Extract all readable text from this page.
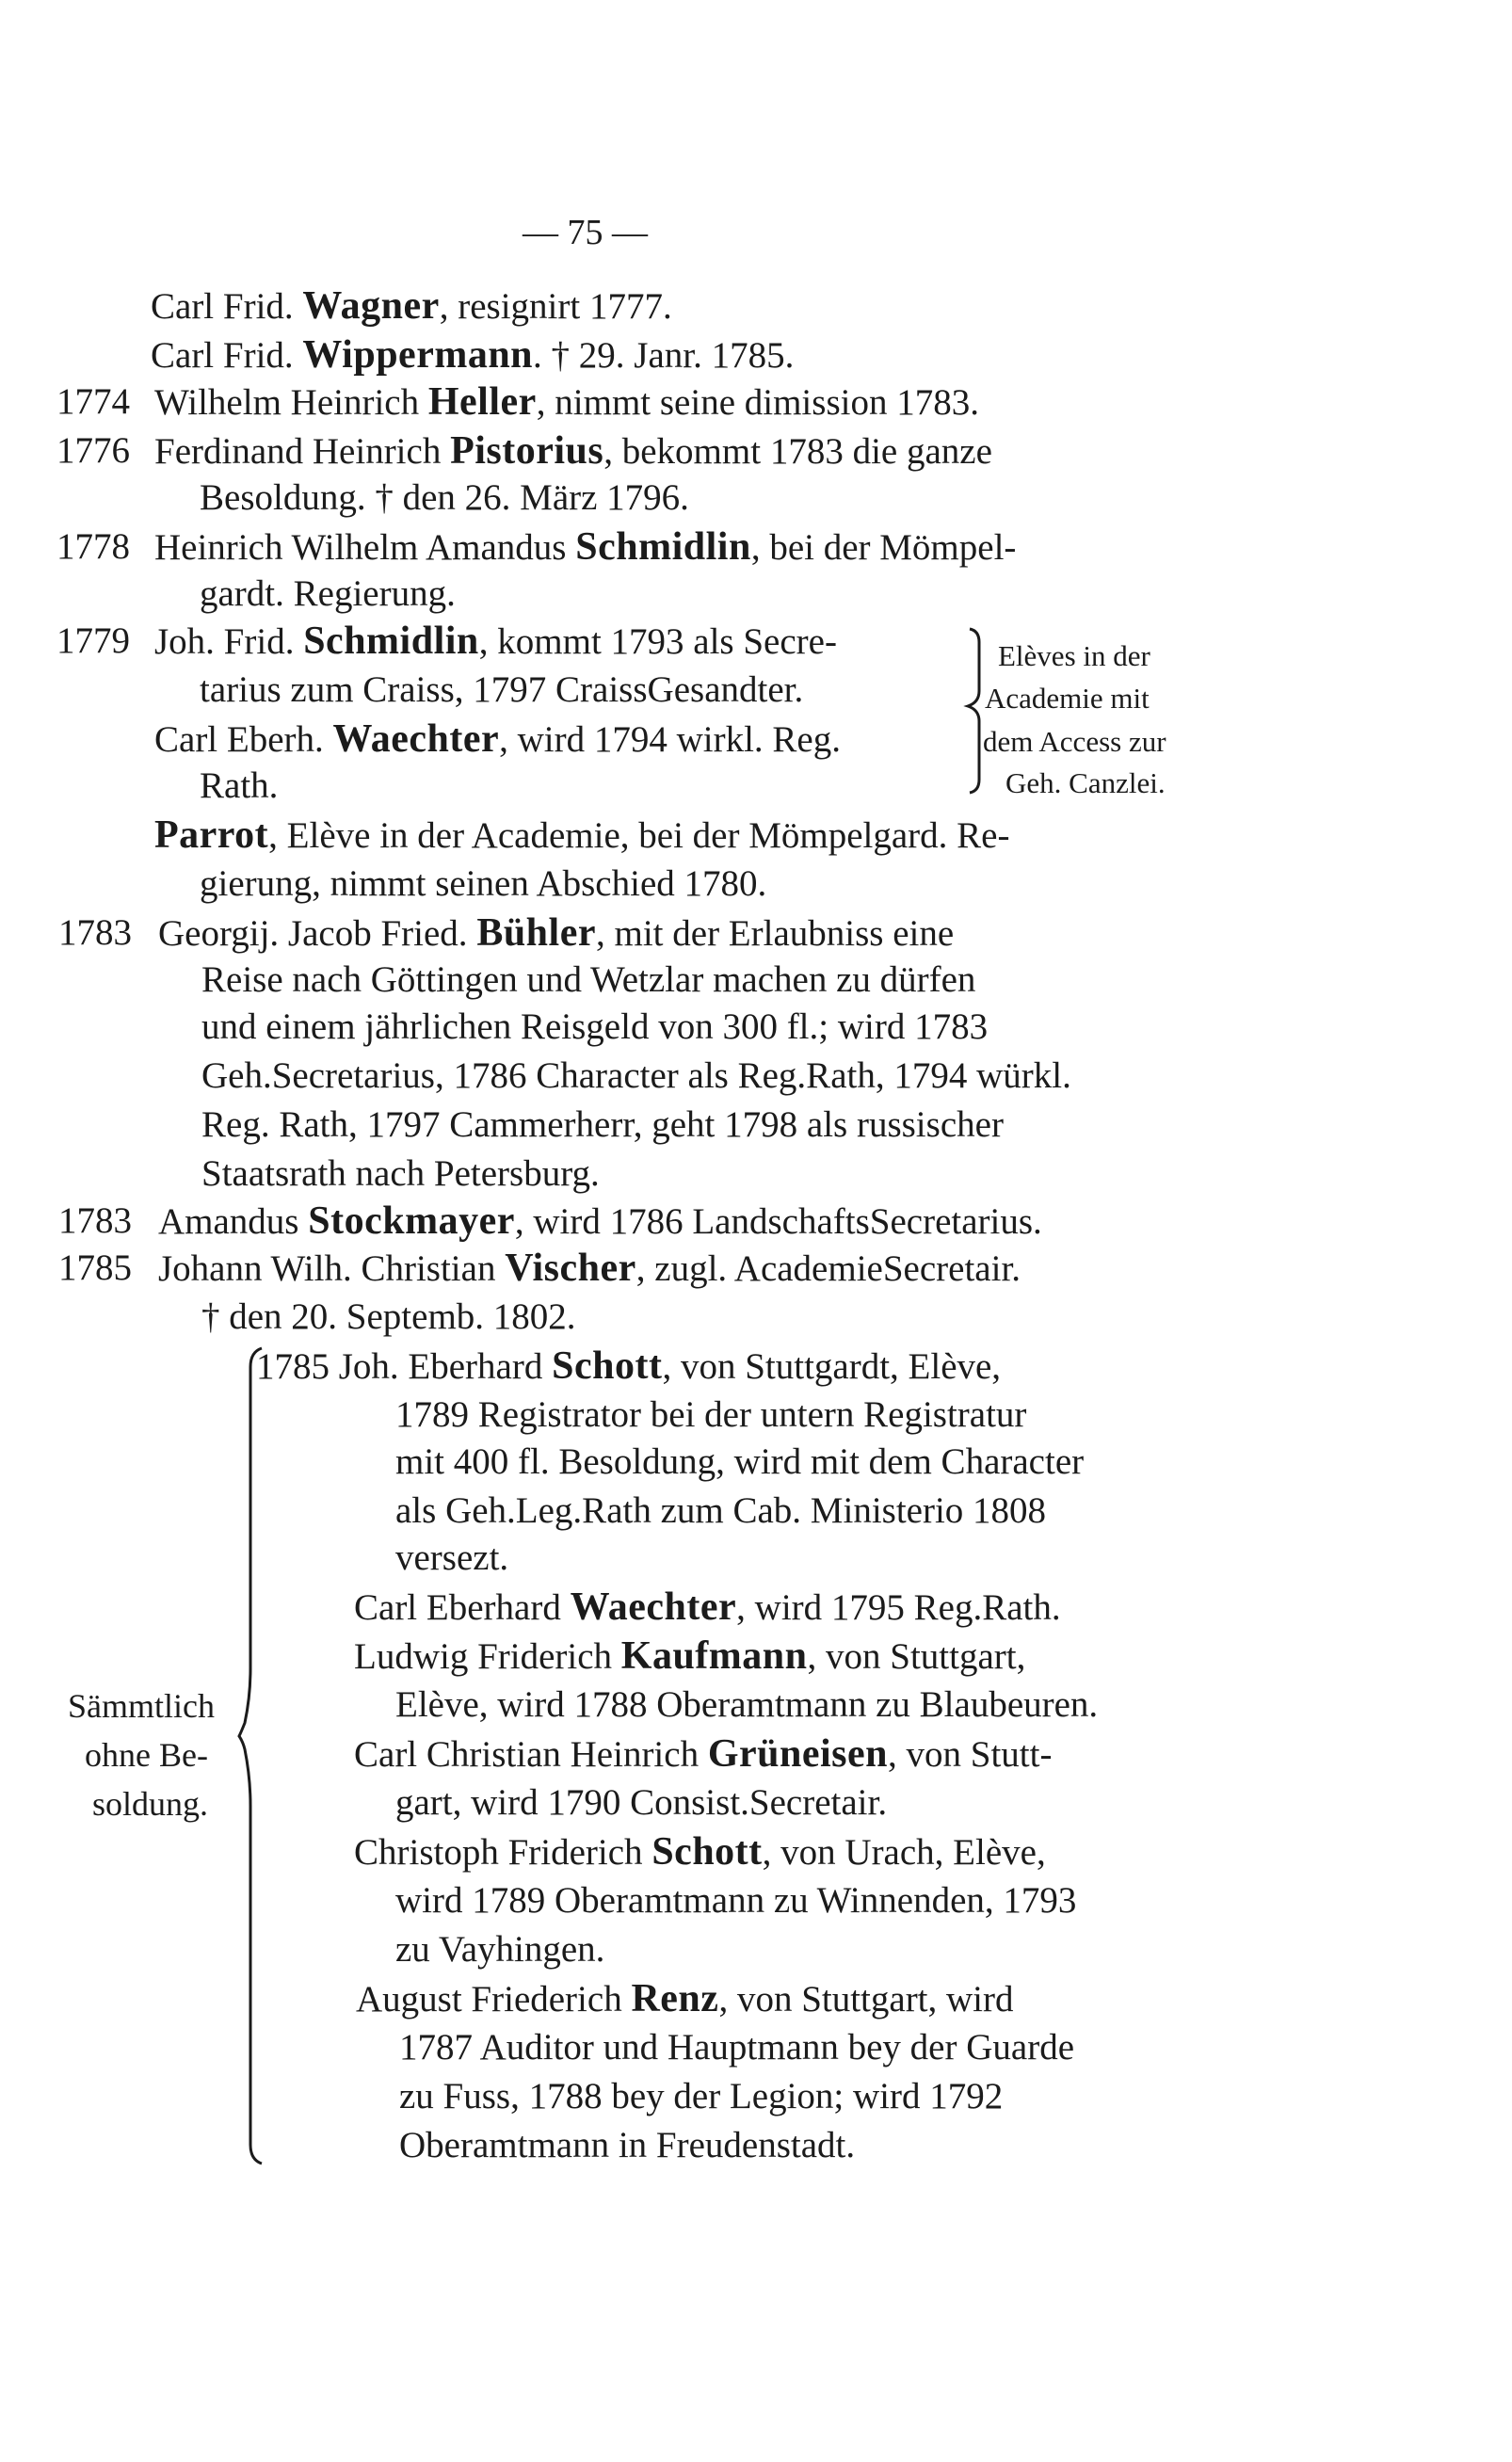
— 75 —
Carl Frid. Wagner, resignirt 1777.
Carl Frid. Wippermann. † 29. Janr. 1785.
1774 Wilhelm Heinrich Heller, nimmt seine dimission 1783.
1776 Ferdinand Heinrich Pistorius, bekommt 1783 die ganze
Besoldung. † den 26. März 1796.
1778 Heinrich Wilhelm Amandus Schmidlin, bei der Mömpel-
gardt. Regierung.
1779 Joh. Frid. Schmidlin, kommt 1793 als Secre-
tarius zum Craiss, 1797 CraissGesandter.
Carl Eberh. Waechter, wird 1794 wirkl. Reg.
Rath.
Parrot, Elève in der Academie, bei der Mömpelgard. Re-
gierung, nimmt seinen Abschied 1780.
1783 Georgij. Jacob Fried. Bühler, mit der Erlaubniss eine
Reise nach Göttingen und Wetzlar machen zu dürfen
und einem jährlichen Reisgeld von 300 fl.; wird 1783
Geh.Secretarius, 1786 Character als Reg.Rath, 1794 würkl.
Reg. Rath, 1797 Cammerherr, geht 1798 als russischer
Staatsrath nach Petersburg.
1783 Amandus Stockmayer, wird 1786 LandschaftsSecretarius.
1785 Johann Wilh. Christian Vischer, zugl. AcademieSecretair.
† den 20. Septemb. 1802.
1785 Joh. Eberhard Schott, von Stuttgardt, Elève,
1789 Registrator bei der untern Registratur
mit 400 fl. Besoldung, wird mit dem Character
als Geh.Leg.Rath zum Cab. Ministerio 1808
versezt.
Carl Eberhard Waechter, wird 1795 Reg.Rath.
Ludwig Friderich Kaufmann, von Stuttgart,
Elève, wird 1788 Oberamtmann zu Blaubeuren.
Carl Christian Heinrich Grüneisen, von Stutt-
gart, wird 1790 Consist.Secretair.
Christoph Friderich Schott, von Urach, Elève,
wird 1789 Oberamtmann zu Winnenden, 1793
zu Vayhingen.
August Friederich Renz, von Stuttgart, wird
1787 Auditor und Hauptmann bey der Guarde
zu Fuss, 1788 bey der Legion; wird 1792
Oberamtmann in Freudenstadt.
Elèves in der
Academie mit
dem Access zur
Geh. Canzlei.
Sämmtlich
ohne Be-
soldung.
